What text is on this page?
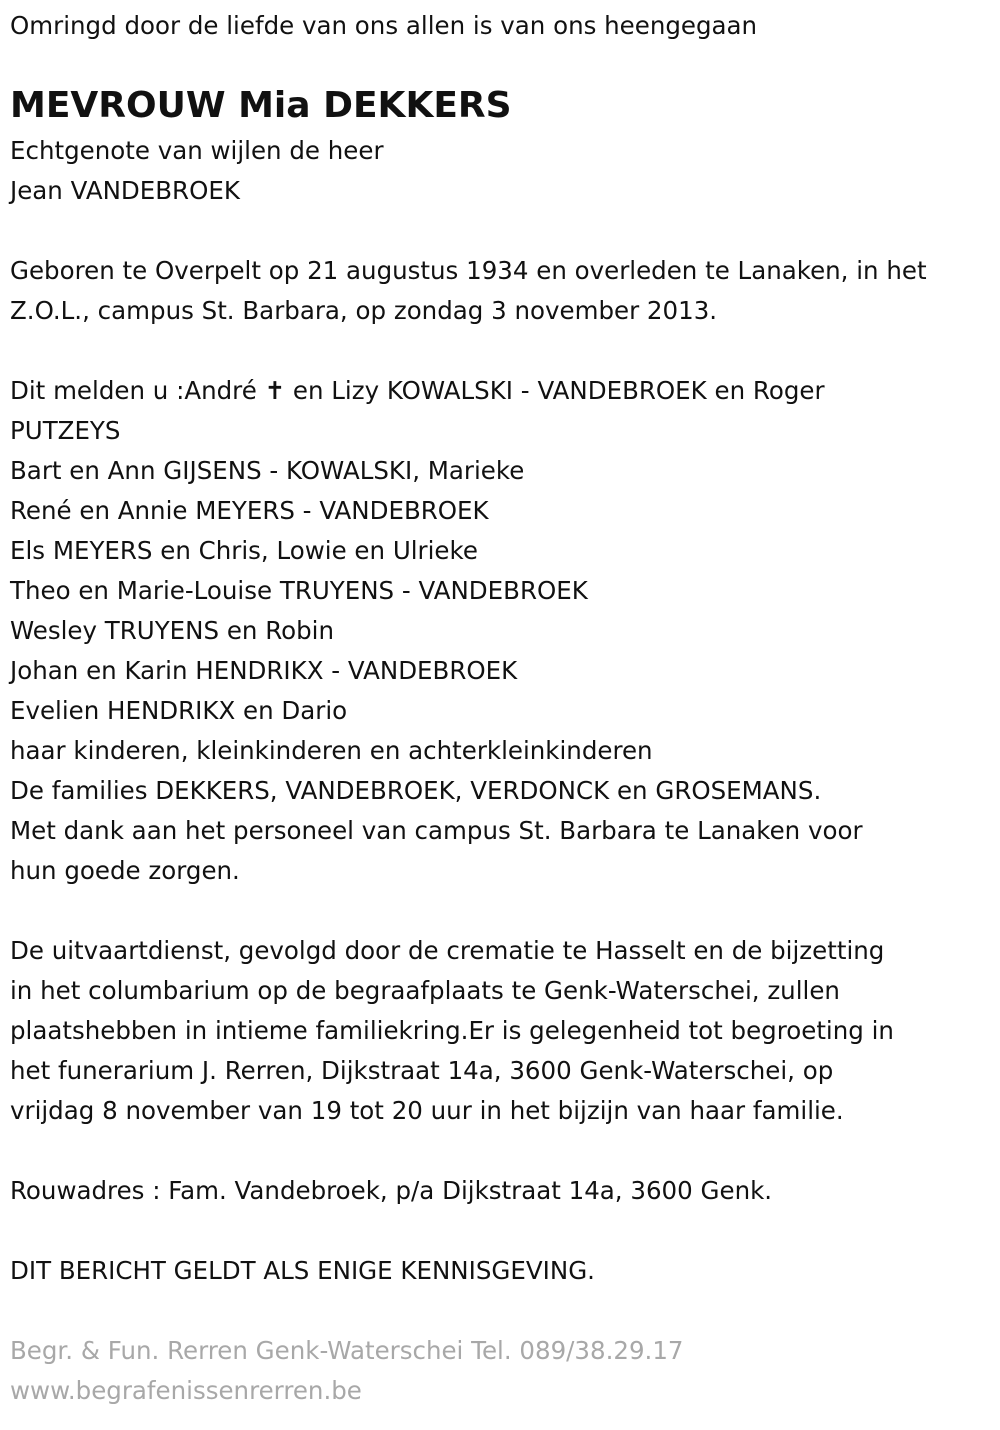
Omringd door de liefde van ons allen is van ons heengegaan
MEVROUW Mia DEKKERS
Echtgenote van wijlen de heer
Jean VANDEBROEK
Geboren te Overpelt op 21 augustus 1934 en overleden te Lanaken, in het
Z.O.L., campus St. Barbara, op zondag 3 november 2013.
Dit melden u :André ✝ en Lizy KOWALSKI - VANDEBROEK en Roger
PUTZEYS
Bart en Ann GIJSENS - KOWALSKI, Marieke
René en Annie MEYERS - VANDEBROEK
Els MEYERS en Chris, Lowie en Ulrieke
Theo en Marie-Louise TRUYENS - VANDEBROEK
Wesley TRUYENS en Robin
Johan en Karin HENDRIKX - VANDEBROEK
Evelien HENDRIKX en Dario
haar kinderen, kleinkinderen en achterkleinkinderen
De families DEKKERS, VANDEBROEK, VERDONCK en GROSEMANS.
Met dank aan het personeel van campus St. Barbara te Lanaken voor
hun goede zorgen.
De uitvaartdienst, gevolgd door de crematie te Hasselt en de bijzetting
in het columbarium op de begraafplaats te Genk-Waterschei, zullen
plaatshebben in intieme familiekring.Er is gelegenheid tot begroeting in
het funerarium J. Rerren, Dijkstraat 14a, 3600 Genk-Waterschei, op
vrijdag 8 november van 19 tot 20 uur in het bijzijn van haar familie.
Rouwadres : Fam. Vandebroek, p/a Dijkstraat 14a, 3600 Genk.
DIT BERICHT GELDT ALS ENIGE KENNISGEVING.
Begr. & Fun. Rerren Genk-Waterschei Tel. 089/38.29.17
www.begrafenissenrerren.be
